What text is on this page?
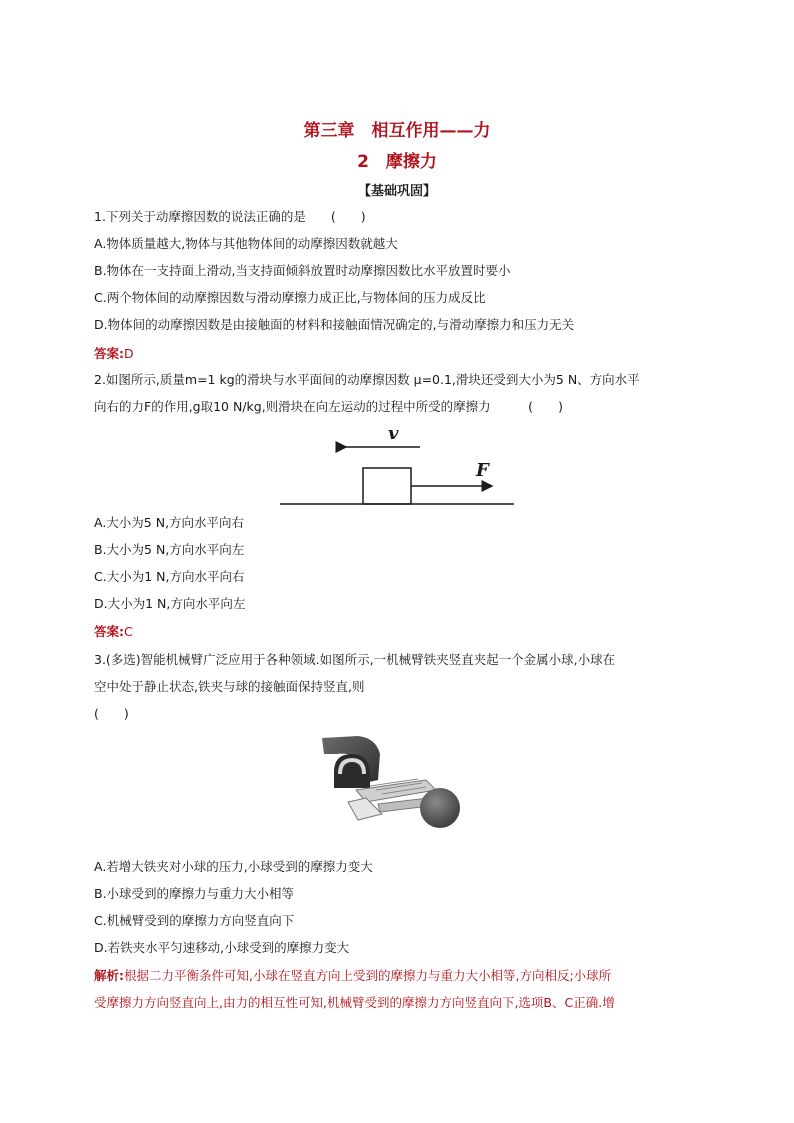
第三章　相互作用——力
2　摩擦力
【基础巩固】
1.下列关于动摩擦因数的说法正确的是　　(　　)
A.物体质量越大,物体与其他物体间的动摩擦因数就越大
B.物体在一支持面上滑动,当支持面倾斜放置时动摩擦因数比水平放置时要小
C.两个物体间的动摩擦因数与滑动摩擦力成正比,与物体间的压力成反比
D.物体间的动摩擦因数是由接触面的材料和接触面情况确定的,与滑动摩擦力和压力无关
答案:D
2.如图所示,质量m=1 kg的滑块与水平面间的动摩擦因数 μ=0.1,滑块还受到大小为5 N、方向水平
向右的力F的作用,g取10 N/kg,则滑块在向左运动的过程中所受的摩擦力　　　(　　)
v
F
A.大小为5 N,方向水平向右
B.大小为5 N,方向水平向左
C.大小为1 N,方向水平向右
D.大小为1 N,方向水平向左
答案:C
3.(多选)智能机械臂广泛应用于各种领域.如图所示,一机械臂铁夹竖直夹起一个金属小球,小球在
空中处于静止状态,铁夹与球的接触面保持竖直,则
(　　)
A.若增大铁夹对小球的压力,小球受到的摩擦力变大
B.小球受到的摩擦力与重力大小相等
C.机械臂受到的摩擦力方向竖直向下
D.若铁夹水平匀速移动,小球受到的摩擦力变大
解析:根据二力平衡条件可知,小球在竖直方向上受到的摩擦力与重力大小相等,方向相反;小球所
受摩擦力方向竖直向上,由力的相互性可知,机械臂受到的摩擦力方向竖直向下,选项B、C正确.增
